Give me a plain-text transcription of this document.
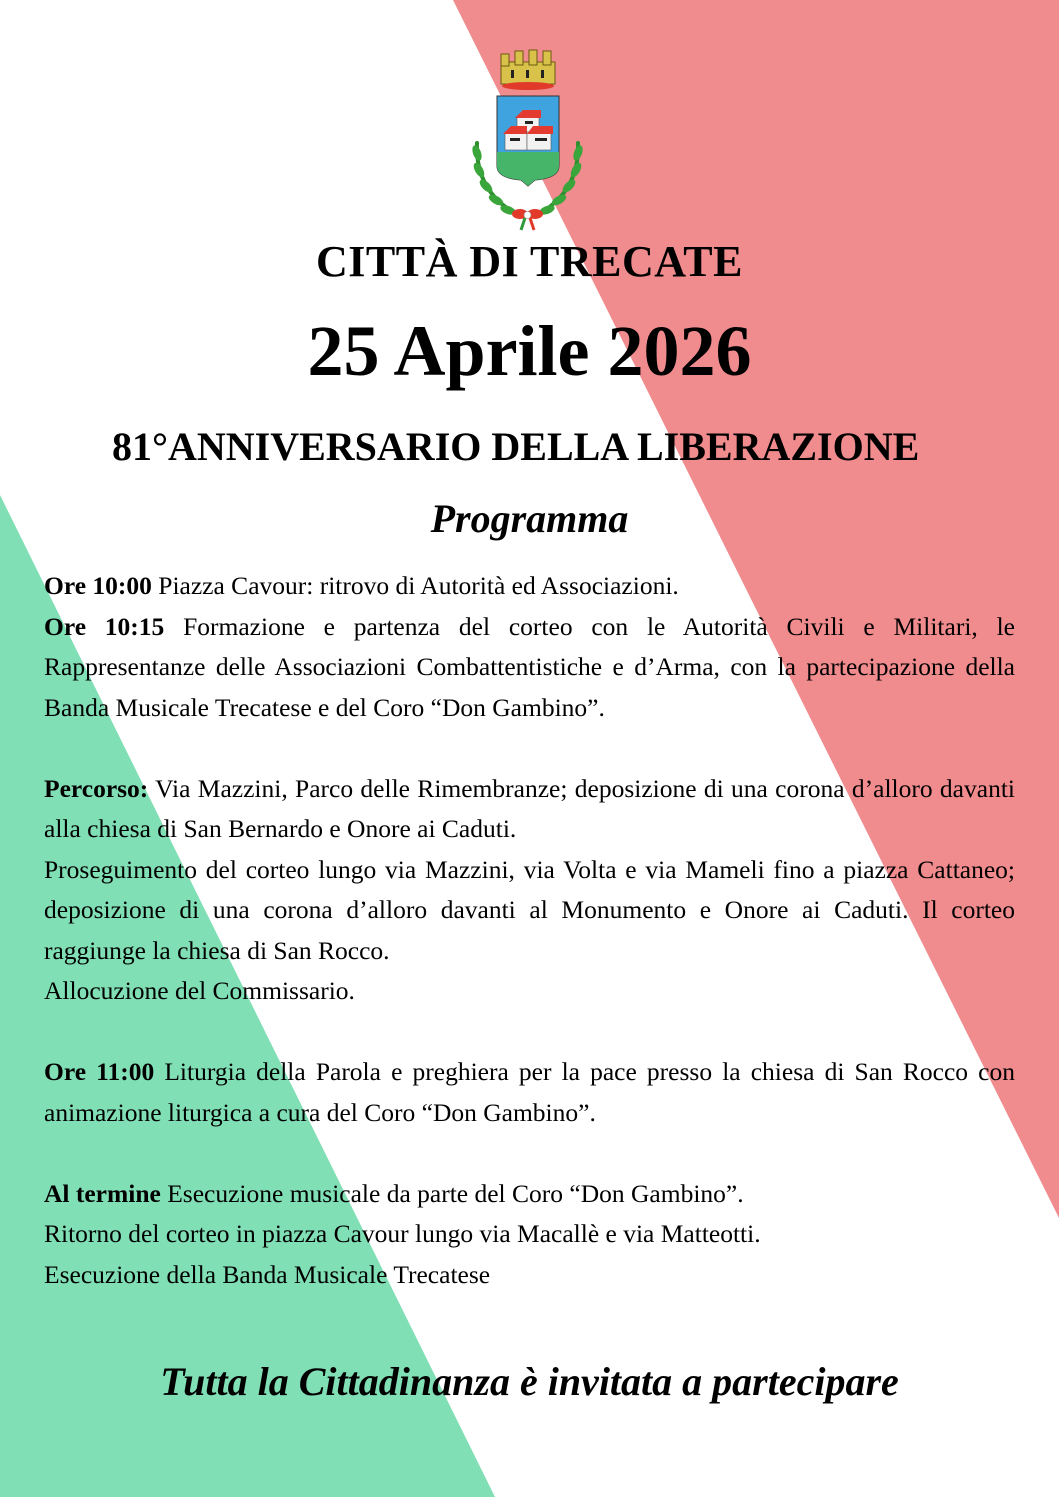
CITTÀ DI TRECATE
25 Aprile 2026
81°ANNIVERSARIO DELLA LIBERAZIONE
Programma

Ore 10:00 Piazza Cavour: ritrovo di Autorità ed Associazioni.

Ore 10:15 Formazione e partenza del corteo con le Autorità Civili e Militari, le Rappresentanze delle Associazioni Combattentistiche e d’Arma, con la partecipazione della Banda Musicale Trecatese e del Coro “Don Gambino”.

Percorso: Via Mazzini, Parco delle Rimembranze; deposizione di una corona d’alloro davanti alla chiesa di San Bernardo e Onore ai Caduti.

Proseguimento del corteo lungo via Mazzini, via Volta e via Mameli fino a piazza Cattaneo; deposizione di una corona d’alloro davanti al Monumento e Onore ai Caduti. Il corteo raggiunge la chiesa di San Rocco.

Allocuzione del Commissario.

Ore 11:00 Liturgia della Parola e preghiera per la pace presso la chiesa di San Rocco con animazione liturgica a cura del Coro “Don Gambino”.

Al termine Esecuzione musicale da parte del Coro “Don Gambino”.

Ritorno del corteo in piazza Cavour lungo via Macallè e via Matteotti.

Esecuzione della Banda Musicale Trecatese

Tutta la Cittadinanza è invitata a partecipare
